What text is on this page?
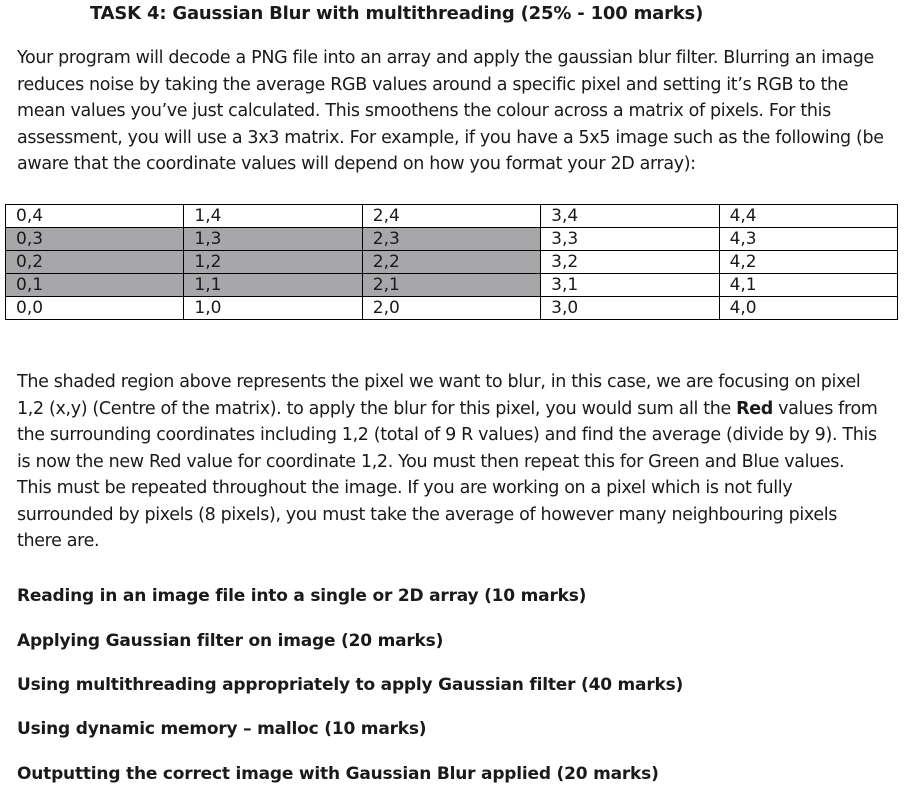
TASK 4: Gaussian Blur with multithreading (25% - 100 marks)
Your program will decode a PNG file into an array and apply the gaussian blur filter. Blurring an image
reduces noise by taking the average RGB values around a specific pixel and setting it’s RGB to the
mean values you’ve just calculated. This smoothens the colour across a matrix of pixels. For this
assessment, you will use a 3x3 matrix. For example, if you have a 5x5 image such as the following (be
aware that the coordinate values will depend on how you format your 2D array):
0,4	1,4	2,4	3,4	4,4
0,3	1,3	2,3	3,3	4,3
0,2	1,2	2,2	3,2	4,2
0,1	1,1	2,1	3,1	4,1
0,0	1,0	2,0	3,0	4,0
The shaded region above represents the pixel we want to blur, in this case, we are focusing on pixel
1,2 (x,y) (Centre of the matrix). to apply the blur for this pixel, you would sum all the Red values from
the surrounding coordinates including 1,2 (total of 9 R values) and find the average (divide by 9). This
is now the new Red value for coordinate 1,2. You must then repeat this for Green and Blue values.
This must be repeated throughout the image. If you are working on a pixel which is not fully
surrounded by pixels (8 pixels), you must take the average of however many neighbouring pixels
there are.
Reading in an image file into a single or 2D array (10 marks)
Applying Gaussian filter on image (20 marks)
Using multithreading appropriately to apply Gaussian filter (40 marks)
Using dynamic memory – malloc (10 marks)
Outputting the correct image with Gaussian Blur applied (20 marks)
